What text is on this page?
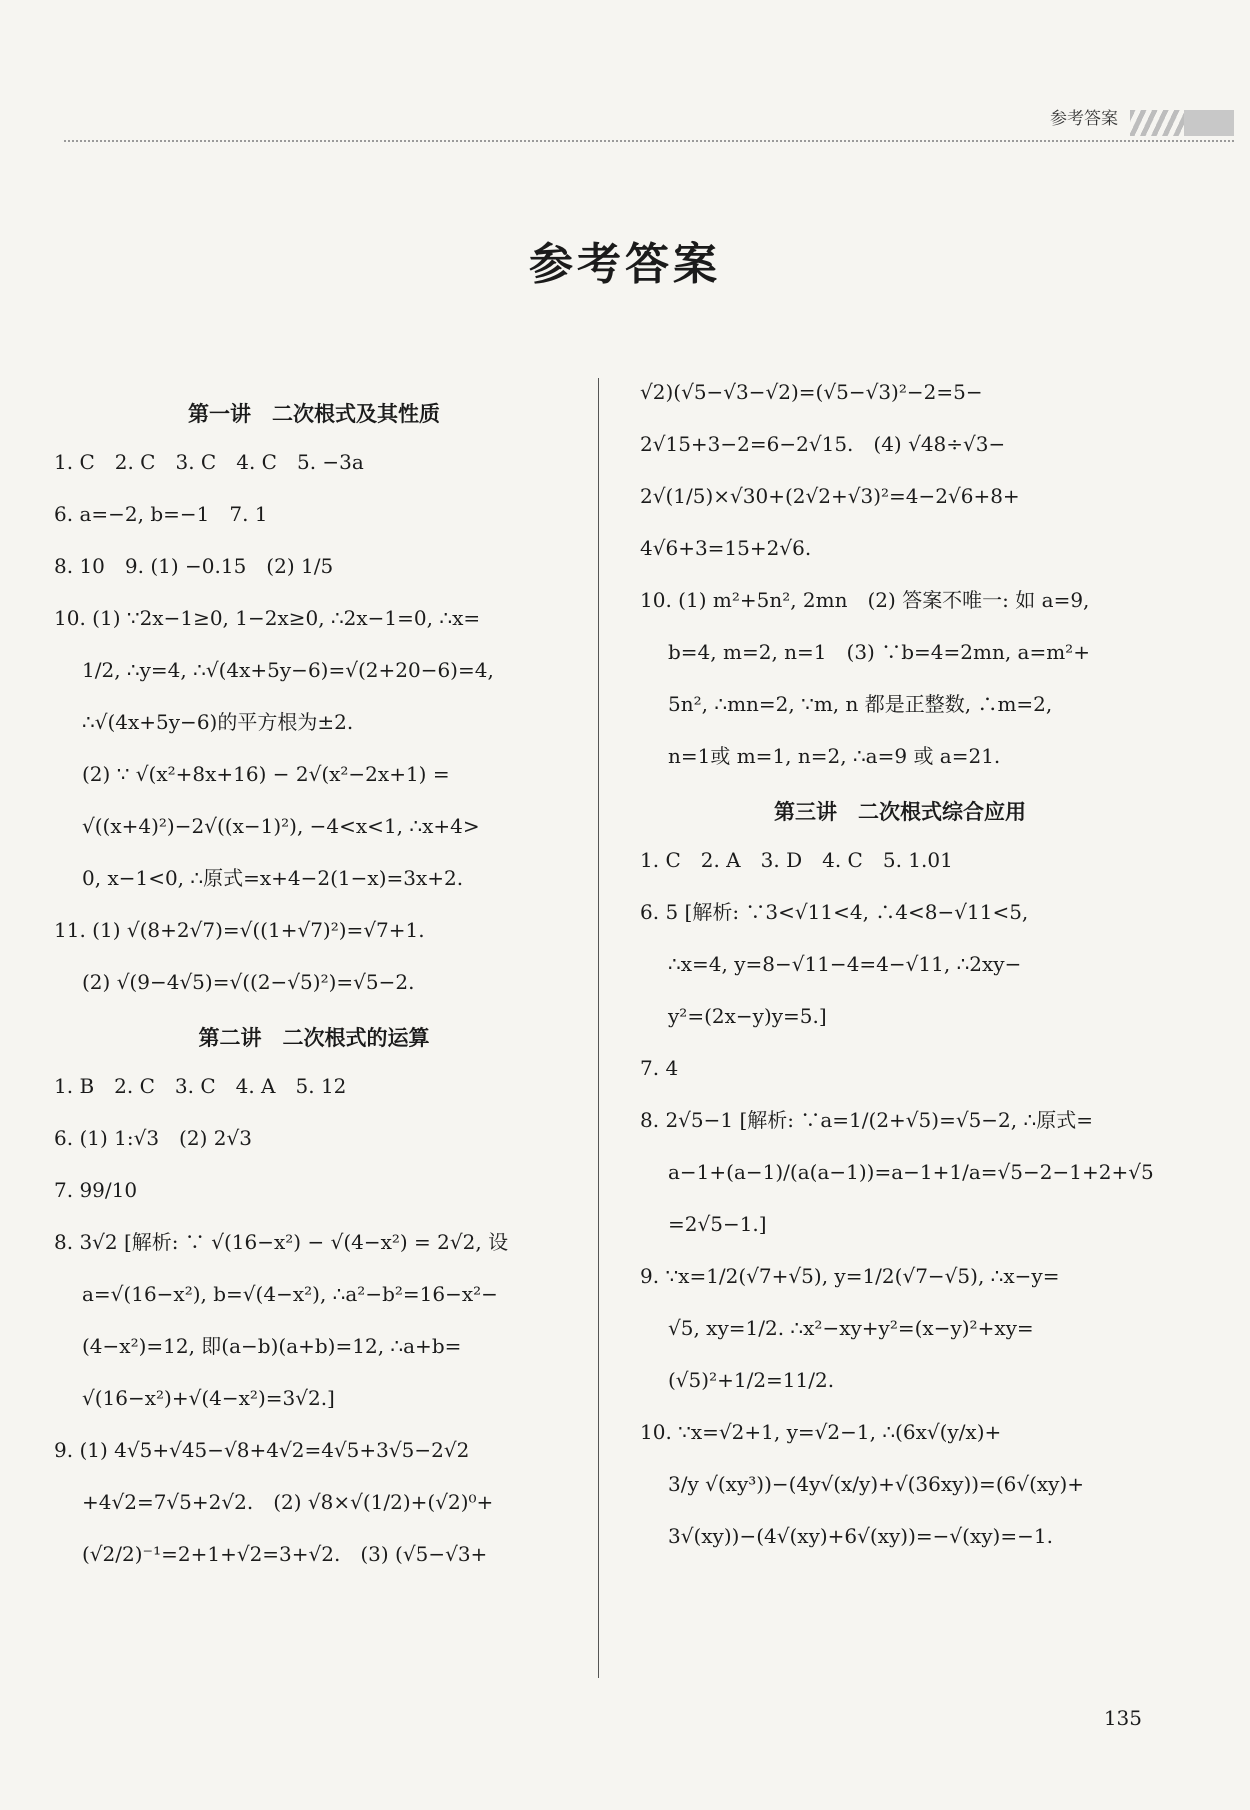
参考答案
参考答案
第一讲　二次根式及其性质
1. C　2. C　3. C　4. C　5. −3a
6. a=−2, b=−1　7. 1
8. 10　9. (1) −0.15　(2) 1/5
10. (1) ∵2x−1≥0, 1−2x≥0, ∴2x−1=0, ∴x=
1/2, ∴y=4, ∴√(4x+5y−6)=√(2+20−6)=4,
∴√(4x+5y−6)的平方根为±2.
(2) ∵ √(x²+8x+16) − 2√(x²−2x+1) =
√((x+4)²)−2√((x−1)²), −4<x<1, ∴x+4>
0, x−1<0, ∴原式=x+4−2(1−x)=3x+2.
11. (1) √(8+2√7)=√((1+√7)²)=√7+1.
(2) √(9−4√5)=√((2−√5)²)=√5−2.
第二讲　二次根式的运算
1. B　2. C　3. C　4. A　5. 12
6. (1) 1:√3　(2) 2√3
7. 99/10
8. 3√2 [解析: ∵ √(16−x²) − √(4−x²) = 2√2, 设
a=√(16−x²), b=√(4−x²), ∴a²−b²=16−x²−
(4−x²)=12, 即(a−b)(a+b)=12, ∴a+b=
√(16−x²)+√(4−x²)=3√2.]
9. (1) 4√5+√45−√8+4√2=4√5+3√5−2√2
+4√2=7√5+2√2.　(2) √8×√(1/2)+(√2)⁰+
(√2/2)⁻¹=2+1+√2=3+√2.　(3) (√5−√3+
√2)(√5−√3−√2)=(√5−√3)²−2=5−
2√15+3−2=6−2√15.　(4) √48÷√3−
2√(1/5)×√30+(2√2+√3)²=4−2√6+8+
4√6+3=15+2√6.
10. (1) m²+5n², 2mn　(2) 答案不唯一: 如 a=9,
b=4, m=2, n=1　(3) ∵b=4=2mn, a=m²+
5n², ∴mn=2, ∵m, n 都是正整数, ∴m=2,
n=1或 m=1, n=2, ∴a=9 或 a=21.
第三讲　二次根式综合应用
1. C　2. A　3. D　4. C　5. 1.01
6. 5 [解析: ∵3<√11<4, ∴4<8−√11<5,
∴x=4, y=8−√11−4=4−√11, ∴2xy−
y²=(2x−y)y=5.]
7. 4
8. 2√5−1 [解析: ∵a=1/(2+√5)=√5−2, ∴原式=
a−1+(a−1)/(a(a−1))=a−1+1/a=√5−2−1+2+√5
=2√5−1.]
9. ∵x=1/2(√7+√5), y=1/2(√7−√5), ∴x−y=
√5, xy=1/2. ∴x²−xy+y²=(x−y)²+xy=
(√5)²+1/2=11/2.
10. ∵x=√2+1, y=√2−1, ∴(6x√(y/x)+
3/y √(xy³))−(4y√(x/y)+√(36xy))=(6√(xy)+
3√(xy))−(4√(xy)+6√(xy))=−√(xy)=−1.
135
